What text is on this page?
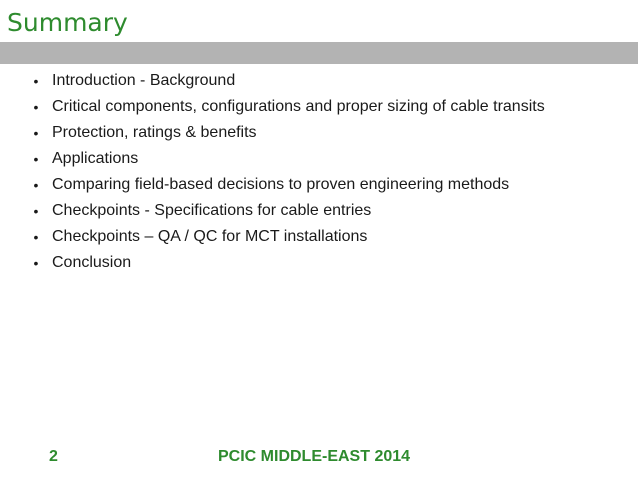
Summary
• Introduction - Background
• Critical components, configurations and proper sizing of cable transits
• Protection, ratings & benefits
• Applications
• Comparing field-based decisions to proven engineering methods
• Checkpoints - Specifications for cable entries
• Checkpoints – QA / QC for MCT installations
• Conclusion
2	PCIC MIDDLE-EAST 2014
